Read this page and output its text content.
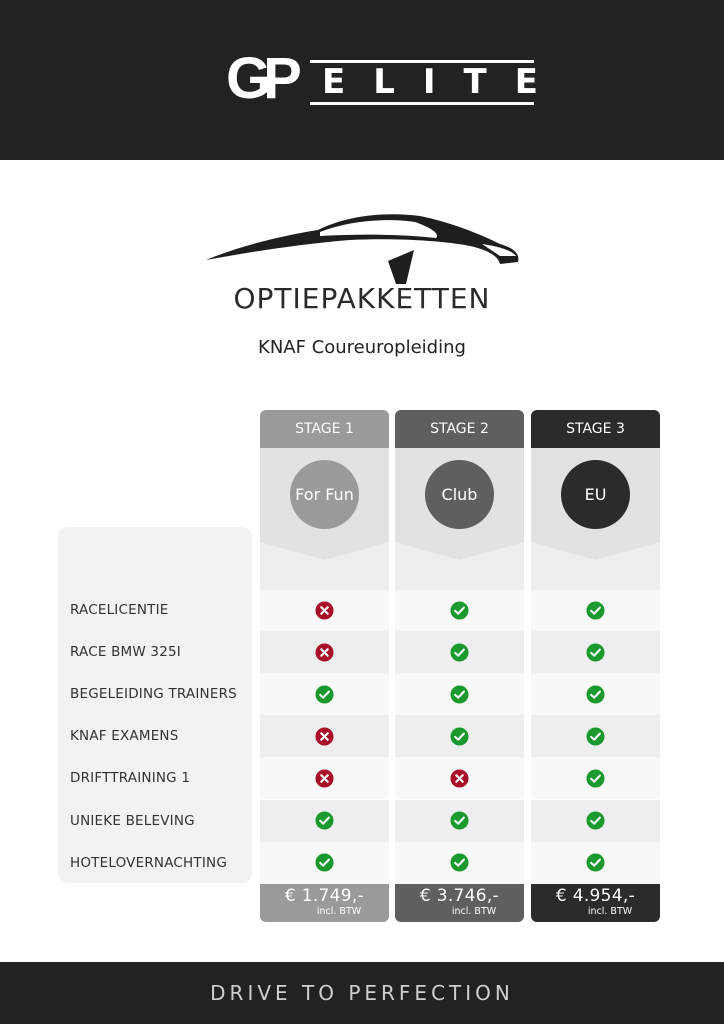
GP ELITE
OPTIEPAKKETTEN
KNAF Coureuropleiding
RACELICENTIE
RACE BMW 325I
BEGELEIDING TRAINERS
KNAF EXAMENS
DRIFTTRAINING 1
UNIEKE BELEVING
HOTELOVERNACHTING
STAGE 1
For Fun
€ 1.749,-
incl. BTW
STAGE 2
Club
€ 3.746,-
incl. BTW
STAGE 3
EU
€ 4.954,-
incl. BTW
DRIVE TO PERFECTION
